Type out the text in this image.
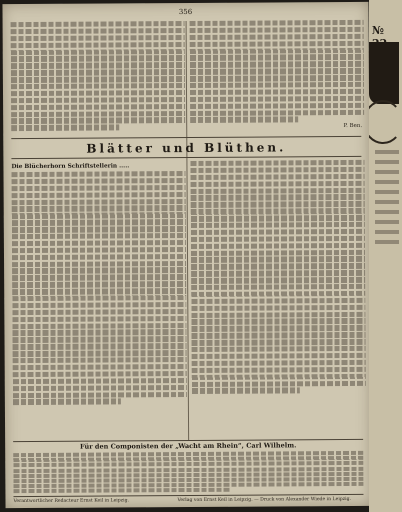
356
P. Ben.
Blätter und Blüthen.
Die Blücherhorn Schriftstellerin .....
Für den Componisten der „Wacht am Rhein“, Carl Wilhelm.
Verantwortlicher Redacteur Ernst Keil in Leipzig.	Verlag von Ernst Keil in Leipzig. — Druck von Alexander Wiede in Leipzig.
№
